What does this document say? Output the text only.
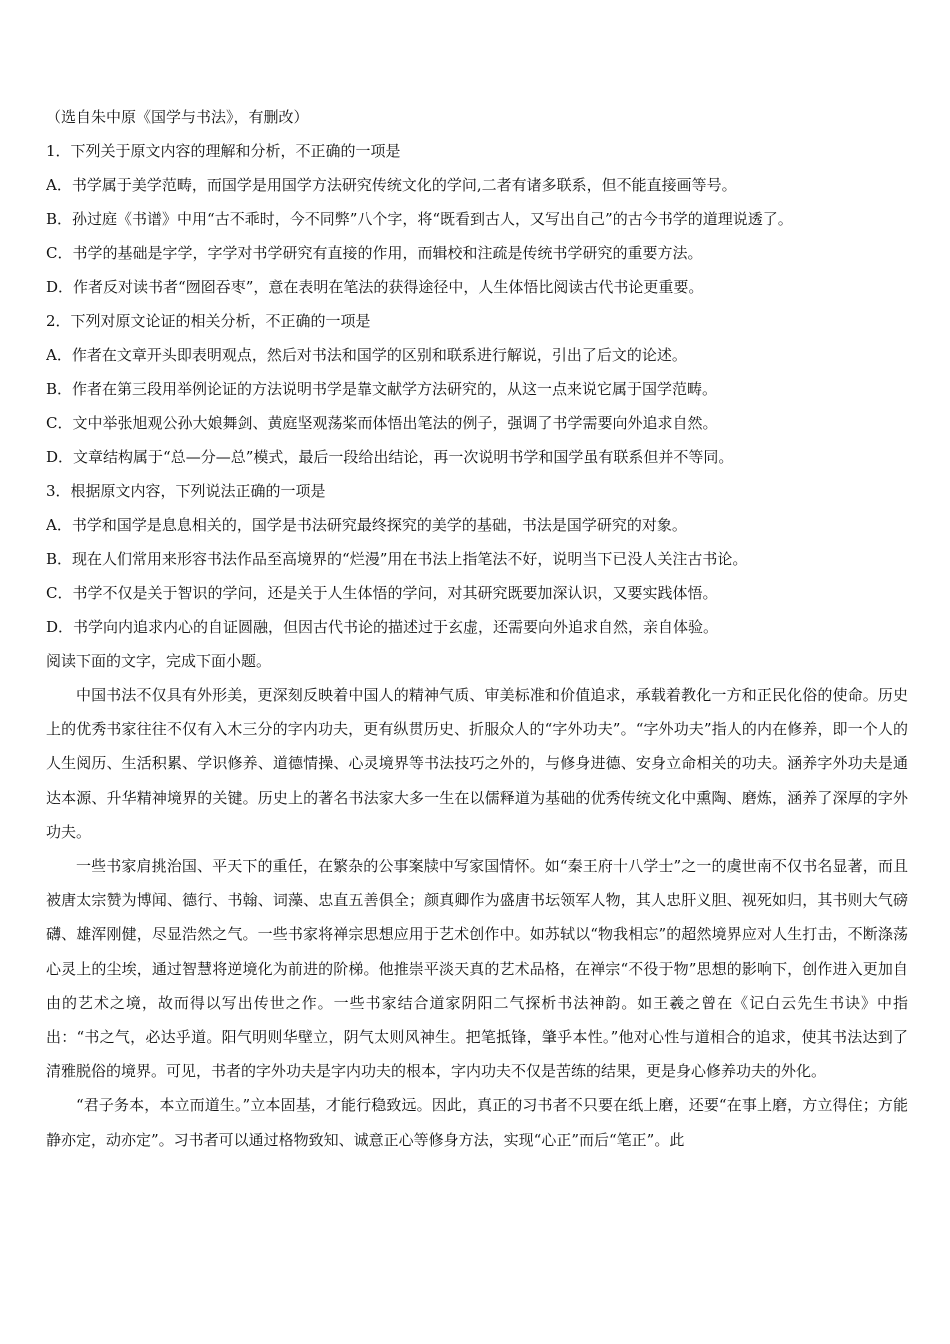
（选自朱中原《国学与书法》，有删改）
1．下列关于原文内容的理解和分析，不正确的一项是
A．书学属于美学范畴，而国学是用国学方法研究传统文化的学问,二者有诸多联系，但不能直接画等号。
B．孙过庭《书谱》中用“古不乖时，今不同弊”八个字，将“既看到古人，又写出自己”的古今书学的道理说透了。
C．书学的基础是字学，字学对书学研究有直接的作用，而辑校和注疏是传统书学研究的重要方法。
D．作者反对读书者“囫囵吞枣”，意在表明在笔法的获得途径中，人生体悟比阅读古代书论更重要。
2．下列对原文论证的相关分析，不正确的一项是
A．作者在文章开头即表明观点，然后对书法和国学的区别和联系进行解说，引出了后文的论述。
B．作者在第三段用举例论证的方法说明书学是靠文献学方法研究的，从这一点来说它属于国学范畴。
C．文中举张旭观公孙大娘舞剑、黄庭坚观荡桨而体悟出笔法的例子，强调了书学需要向外追求自然。
D．文章结构属于“总—分—总”模式，最后一段给出结论，再一次说明书学和国学虽有联系但并不等同。
3．根据原文内容，下列说法正确的一项是
A．书学和国学是息息相关的，国学是书法研究最终探究的美学的基础，书法是国学研究的对象。
B．现在人们常用来形容书法作品至高境界的“烂漫”用在书法上指笔法不好，说明当下已没人关注古书论。
C．书学不仅是关于智识的学问，还是关于人生体悟的学问，对其研究既要加深认识，又要实践体悟。
D．书学向内追求内心的自证圆融，但因古代书论的描述过于玄虚，还需要向外追求自然，亲自体验。
阅读下面的文字，完成下面小题。

中国书法不仅具有外形美，更深刻反映着中国人的精神气质、审美标准和价值追求，承载着教化一方和正民化俗的使命。历史上的优秀书家往往不仅有入木三分的字内功夫，更有纵贯历史、折服众人的“字外功夫”。“字外功夫”指人的内在修养，即一个人的人生阅历、生活积累、学识修养、道德情操、心灵境界等书法技巧之外的，与修身进德、安身立命相关的功夫。涵养字外功夫是通达本源、升华精神境界的关键。历史上的著名书法家大多一生在以儒释道为基础的优秀传统文化中熏陶、磨炼，涵养了深厚的字外功夫。

一些书家肩挑治国、平天下的重任，在繁杂的公事案牍中写家国情怀。如“秦王府十八学士”之一的虞世南不仅书名显著，而且被唐太宗赞为博闻、德行、书翰、词藻、忠直五善俱全；颜真卿作为盛唐书坛领军人物，其人忠肝义胆、视死如归，其书则大气磅礴、雄浑刚健，尽显浩然之气。一些书家将禅宗思想应用于艺术创作中。如苏轼以“物我相忘”的超然境界应对人生打击，不断涤荡心灵上的尘埃，通过智慧将逆境化为前进的阶梯。他推崇平淡天真的艺术品格，在禅宗“不役于物”思想的影响下，创作进入更加自由的艺术之境，故而得以写出传世之作。一些书家结合道家阴阳二气探析书法神韵。如王羲之曾在《记白云先生书诀》中指出：“书之气，必达乎道。阳气明则华壁立，阴气太则风神生。把笔抵锋，肇乎本性。”他对心性与道相合的追求，使其书法达到了清雅脱俗的境界。可见，书者的字外功夫是字内功夫的根本，字内功夫不仅是苦练的结果，更是身心修养功夫的外化。

“君子务本，本立而道生。”立本固基，才能行稳致远。因此，真正的习书者不只要在纸上磨，还要“在事上磨，方立得住；方能静亦定，动亦定”。习书者可以通过格物致知、诚意正心等修身方法，实现“心正”而后“笔正”。此
